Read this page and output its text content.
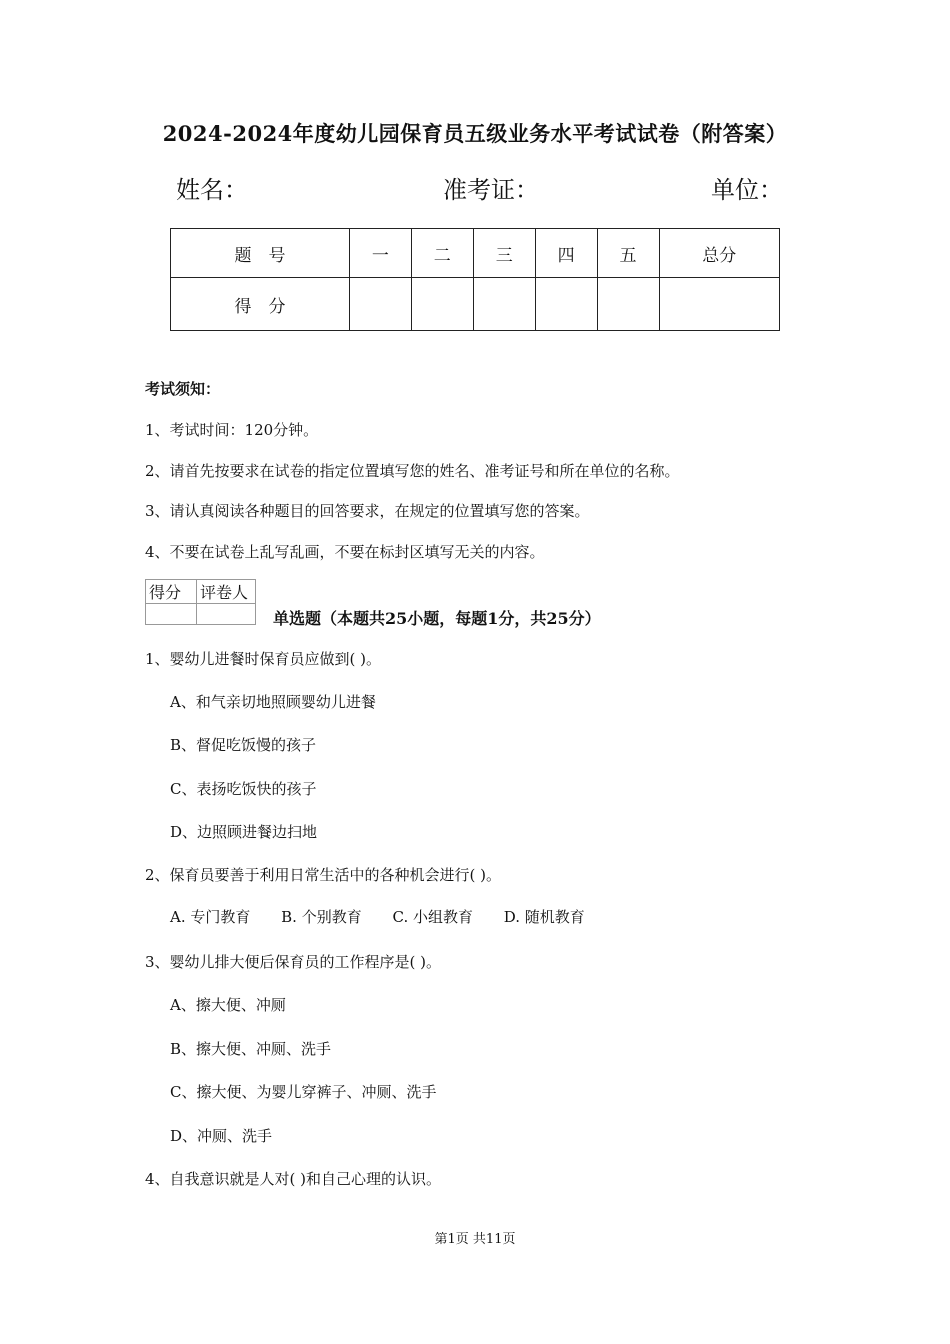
2024-2024年度幼儿园保育员五级业务水平考试试卷（附答案）
姓名：	准考证：	单位：
题　号	一	二	三	四	五	总分
得　分						
考试须知：
1、考试时间：120分钟。
2、请首先按要求在试卷的指定位置填写您的姓名、准考证号和所在单位的名称。
3、请认真阅读各种题目的回答要求，在规定的位置填写您的答案。
4、不要在试卷上乱写乱画，不要在标封区填写无关的内容。
得分	评卷人

单选题（本题共25小题，每题1分，共25分）
1、婴幼儿进餐时保育员应做到( )。
A、和气亲切地照顾婴幼儿进餐
B、督促吃饭慢的孩子
C、表扬吃饭快的孩子
D、边照顾进餐边扫地
2、保育员要善于利用日常生活中的各种机会进行( )。
A. 专门教育 B. 个别教育 C. 小组教育 D. 随机教育
3、婴幼儿排大便后保育员的工作程序是( )。
A、擦大便、冲厕
B、擦大便、冲厕、洗手
C、擦大便、为婴儿穿裤子、冲厕、洗手
D、冲厕、洗手
4、自我意识就是人对( )和自己心理的认识。
第1页 共11页
